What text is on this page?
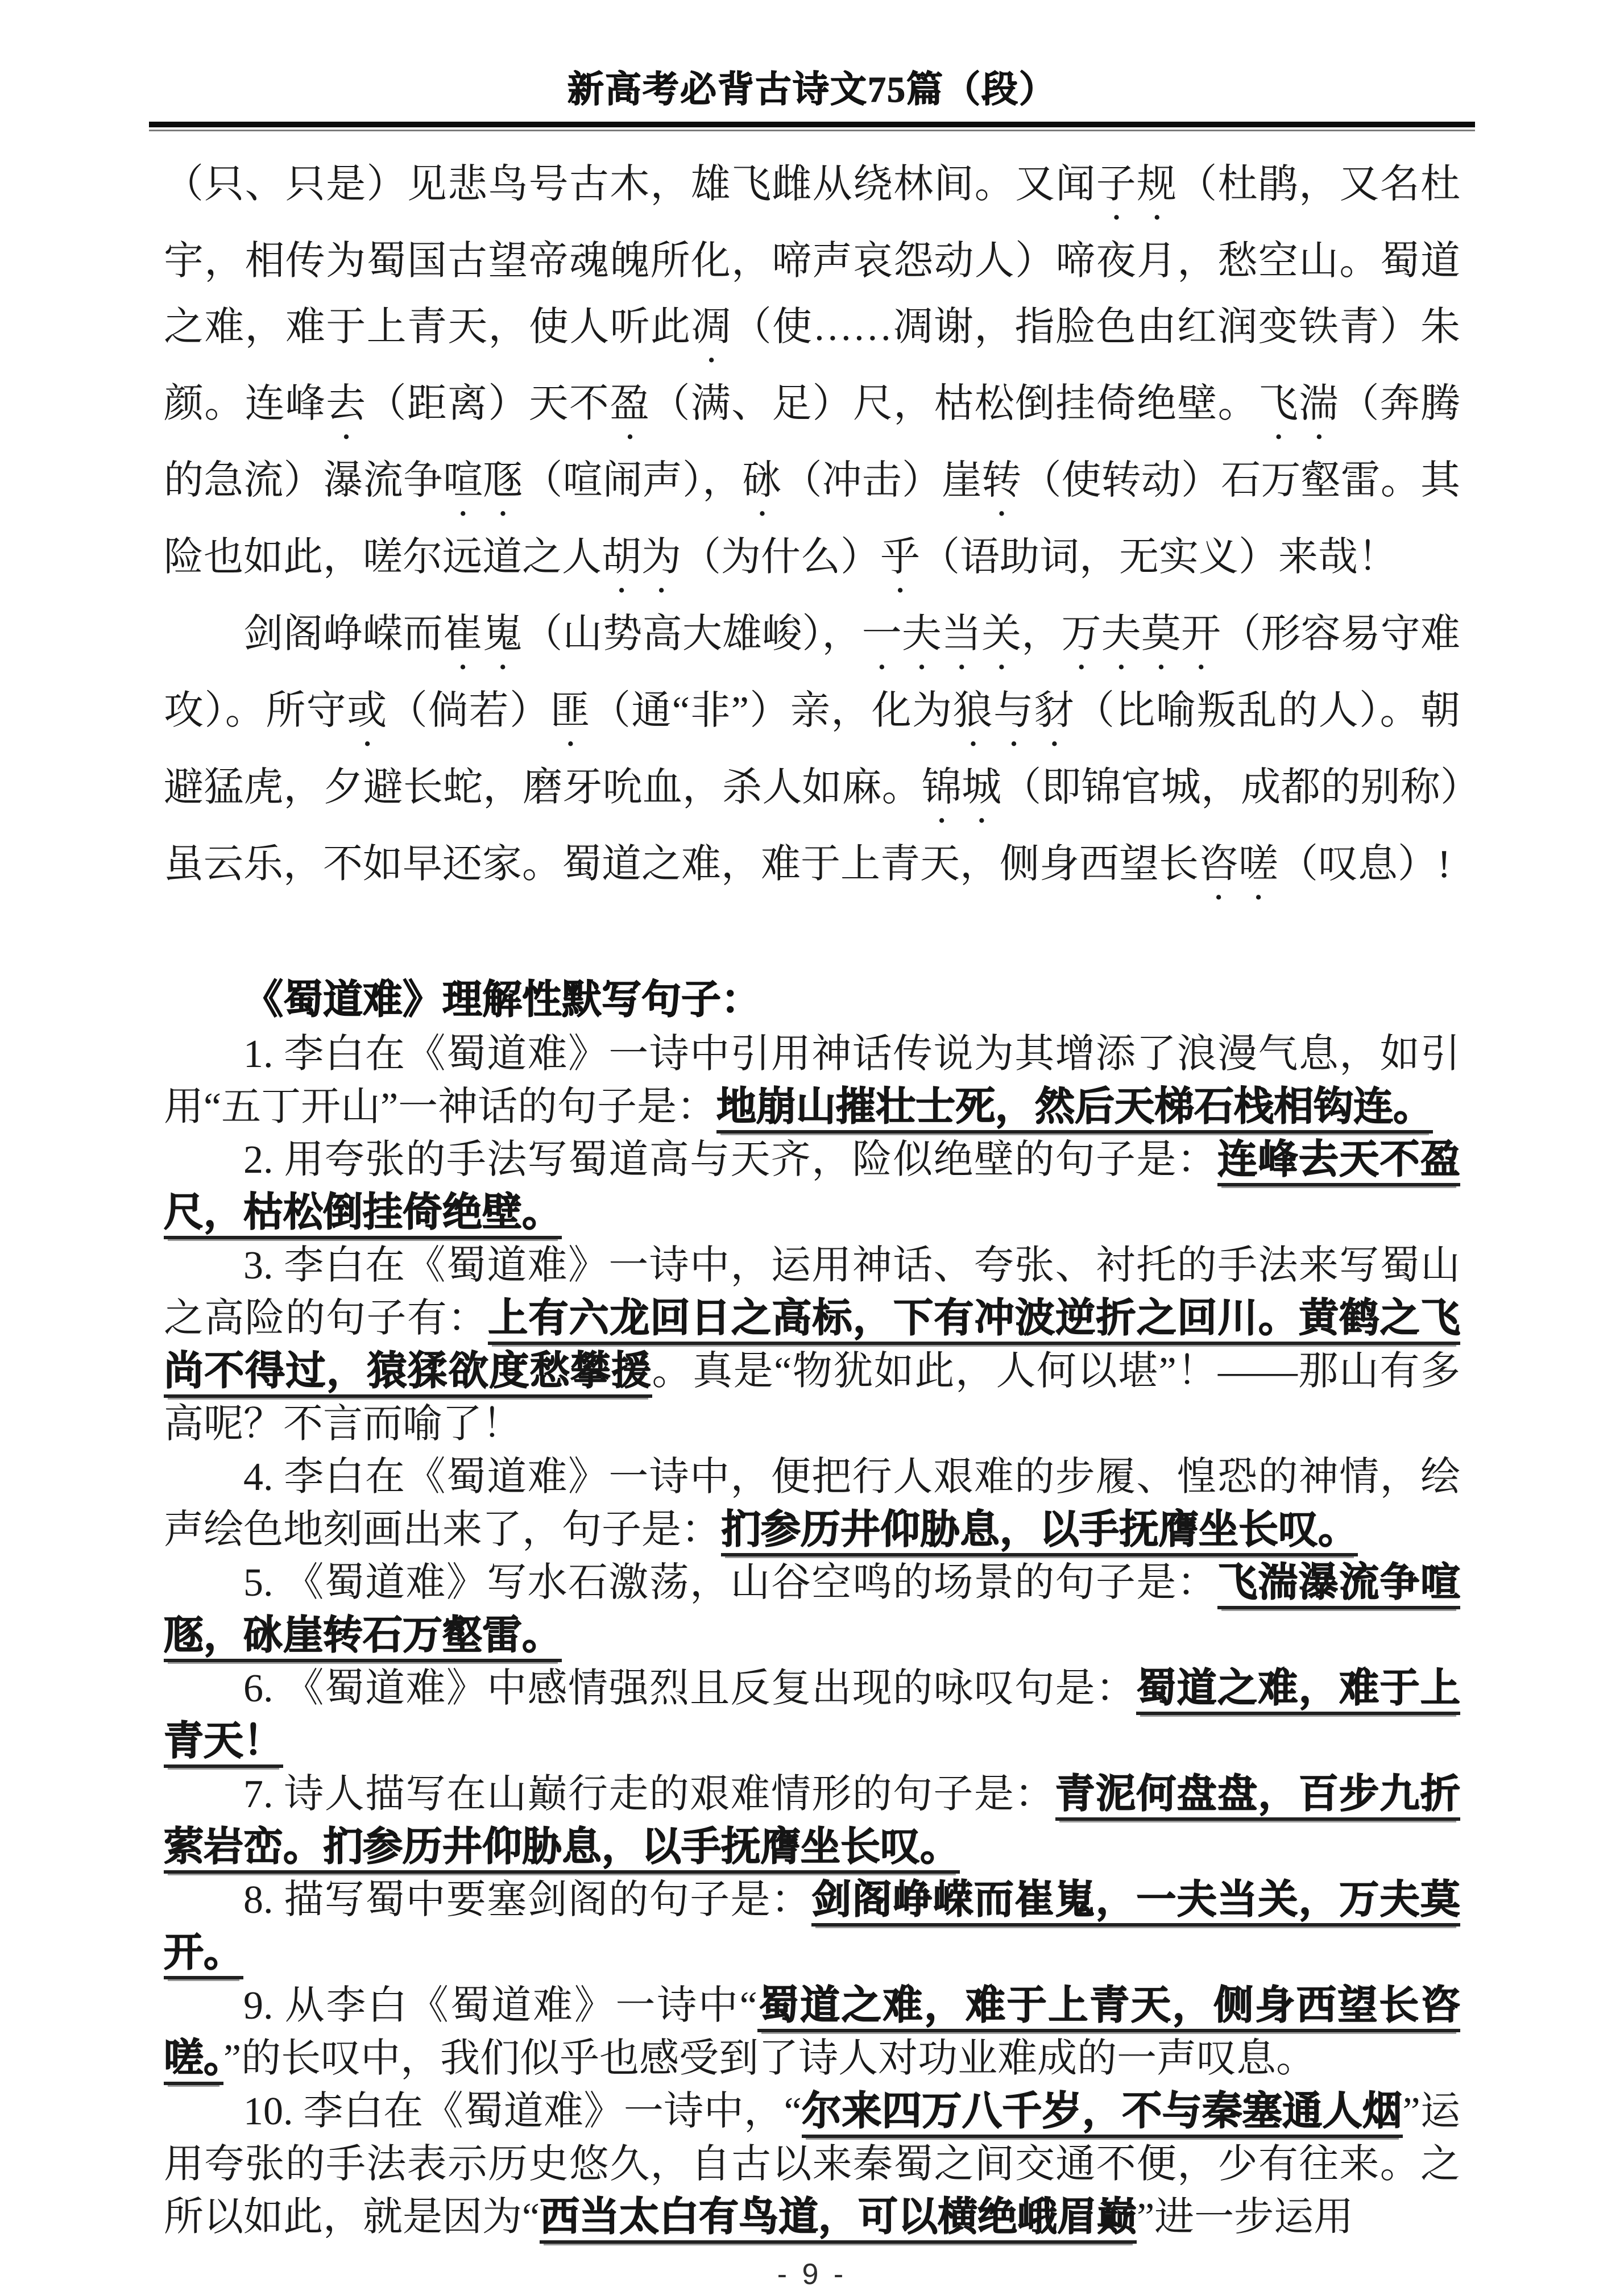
新高考必背古诗文75篇（段）

（只、只是）见悲鸟号古木，雄飞雌从绕林间。又闻子规（杜鹃，又名杜宇，相传为蜀国古望帝魂魄所化，啼声哀怨动人）啼夜月，愁空山。蜀道之难，难于上青天，使人听此凋（使……凋谢，指脸色由红润变铁青）朱颜。连峰去（距离）天不盈（满、足）尺，枯松倒挂倚绝壁。飞湍（奔腾的急流）瀑流争喧豗（喧闹声），砯（冲击）崖转（使转动）石万壑雷。其险也如此，嗟尔远道之人胡为（为什么）乎（语助词，无实义）来哉！

剑阁峥嵘而崔嵬（山势高大雄峻），一夫当关，万夫莫开（形容易守难攻）。所守或（倘若）匪（通“非”）亲，化为狼与豺（比喻叛乱的人）。朝避猛虎，夕避长蛇，磨牙吮血，杀人如麻。锦城（即锦官城，成都的别称）虽云乐，不如早还家。蜀道之难，难于上青天，侧身西望长咨嗟（叹息）!

《蜀道难》理解性默写句子：

1. 李白在《蜀道难》一诗中引用神话传说为其增添了浪漫气息，如引用“五丁开山”一神话的句子是：地崩山摧壮士死，然后天梯石栈相钩连。

2. 用夸张的手法写蜀道高与天齐，险似绝壁的句子是：连峰去天不盈尺，枯松倒挂倚绝壁。

3. 李白在《蜀道难》一诗中，运用神话、夸张、衬托的手法来写蜀山之高险的句子有：上有六龙回日之高标，下有冲波逆折之回川。黄鹤之飞尚不得过，猿猱欲度愁攀援。真是“物犹如此，人何以堪”！——那山有多高呢？不言而喻了！

4. 李白在《蜀道难》一诗中，便把行人艰难的步履、惶恐的神情，绘声绘色地刻画出来了，句子是：扪参历井仰胁息，以手抚膺坐长叹。

5. 《蜀道难》写水石激荡，山谷空鸣的场景的句子是：飞湍瀑流争喧豗，砯崖转石万壑雷。

6. 《蜀道难》中感情强烈且反复出现的咏叹句是：蜀道之难，难于上青天！

7. 诗人描写在山巅行走的艰难情形的句子是：青泥何盘盘，百步九折萦岩峦。扪参历井仰胁息，以手抚膺坐长叹。

8. 描写蜀中要塞剑阁的句子是：剑阁峥嵘而崔嵬，一夫当关，万夫莫开。

9. 从李白《蜀道难》一诗中“蜀道之难，难于上青天，侧身西望长咨嗟。”的长叹中，我们似乎也感受到了诗人对功业难成的一声叹息。

10. 李白在《蜀道难》一诗中，“尔来四万八千岁，不与秦塞通人烟”运用夸张的手法表示历史悠久，自古以来秦蜀之间交通不便，少有往来。之所以如此，就是因为“西当太白有鸟道，可以横绝峨眉巅”进一步运用

- 9 -
